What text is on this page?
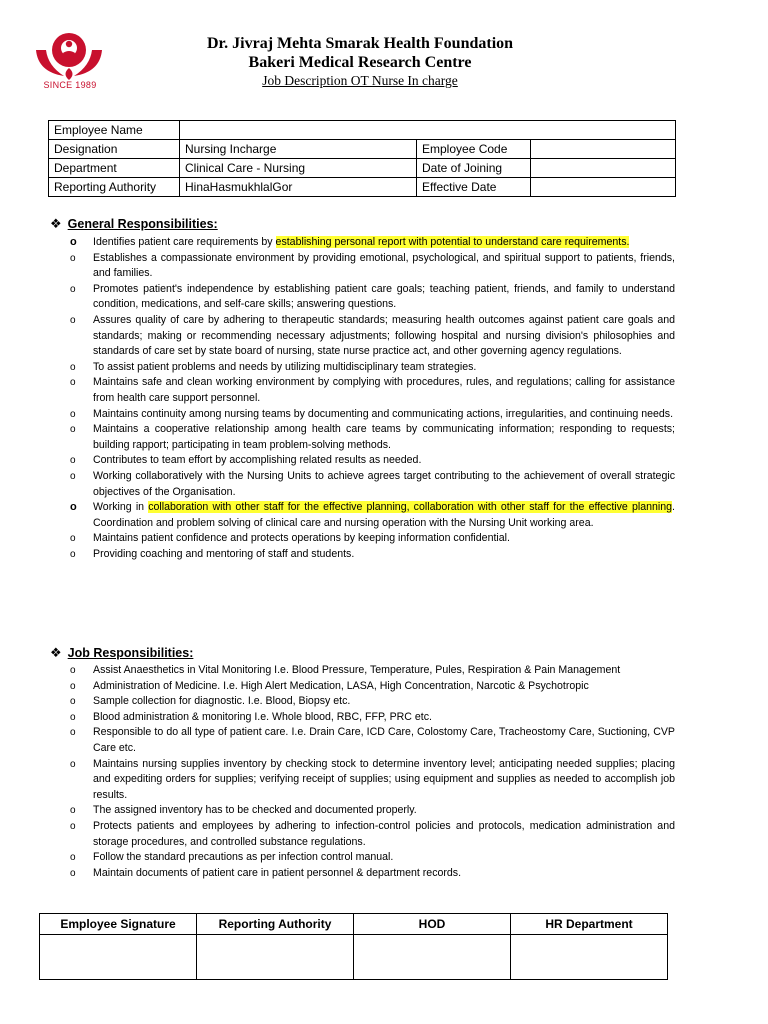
SINCE 1989
Dr. Jivraj Mehta Smarak Health Foundation
Bakeri Medical Research Centre
Job Description OT Nurse In charge
Employee Name			
Designation	Nursing Incharge	Employee Code	
Department	Clinical Care - Nursing	Date of Joining	
Reporting Authority	HinaHasmukhlalGor	Effective Date	
❖ General Responsibilities:
o Identifies patient care requirements by establishing personal report with potential to understand care requirements.
o Establishes a compassionate environment by providing emotional, psychological, and spiritual support to patients, friends, and families.
o Promotes patient's independence by establishing patient care goals; teaching patient, friends, and family to understand condition, medications, and self-care skills; answering questions.
o Assures quality of care by adhering to therapeutic standards; measuring health outcomes against patient care goals and standards; making or recommending necessary adjustments; following hospital and nursing division's philosophies and standards of care set by state board of nursing, state nurse practice act, and other governing agency regulations.
o To assist patient problems and needs by utilizing multidisciplinary team strategies.
o Maintains safe and clean working environment by complying with procedures, rules, and regulations; calling for assistance from health care support personnel.
o Maintains continuity among nursing teams by documenting and communicating actions, irregularities, and continuing needs.
o Maintains a cooperative relationship among health care teams by communicating information; responding to requests; building rapport; participating in team problem-solving methods.
o Contributes to team effort by accomplishing related results as needed.
o Working collaboratively with the Nursing Units to achieve agrees target contributing to the achievement of overall strategic objectives of the Organisation.
o Working in collaboration with other staff for the effective planning, collaboration with other staff for the effective planning. Coordination and problem solving of clinical care and nursing operation with the Nursing Unit working area.
o Maintains patient confidence and protects operations by keeping information confidential.
o Providing coaching and mentoring of staff and students.
❖ Job Responsibilities:
o Assist Anaesthetics in Vital Monitoring I.e. Blood Pressure, Temperature, Pules, Respiration & Pain Management
o Administration of Medicine. I.e. High Alert Medication, LASA, High Concentration, Narcotic & Psychotropic
o Sample collection for diagnostic. I.e. Blood, Biopsy etc.
o Blood administration & monitoring I.e. Whole blood, RBC, FFP, PRC etc.
o Responsible to do all type of patient care. I.e. Drain Care, ICD Care, Colostomy Care, Tracheostomy Care, Suctioning, CVP Care etc.
o Maintains nursing supplies inventory by checking stock to determine inventory level; anticipating needed supplies; placing and expediting orders for supplies; verifying receipt of supplies; using equipment and supplies as needed to accomplish job results.
o The assigned inventory has to be checked and documented properly.
o Protects patients and employees by adhering to infection-control policies and protocols, medication administration and storage procedures, and controlled substance regulations.
o Follow the standard precautions as per infection control manual.
o Maintain documents of patient care in patient personnel & department records.
Employee Signature	Reporting Authority	HOD	HR Department
